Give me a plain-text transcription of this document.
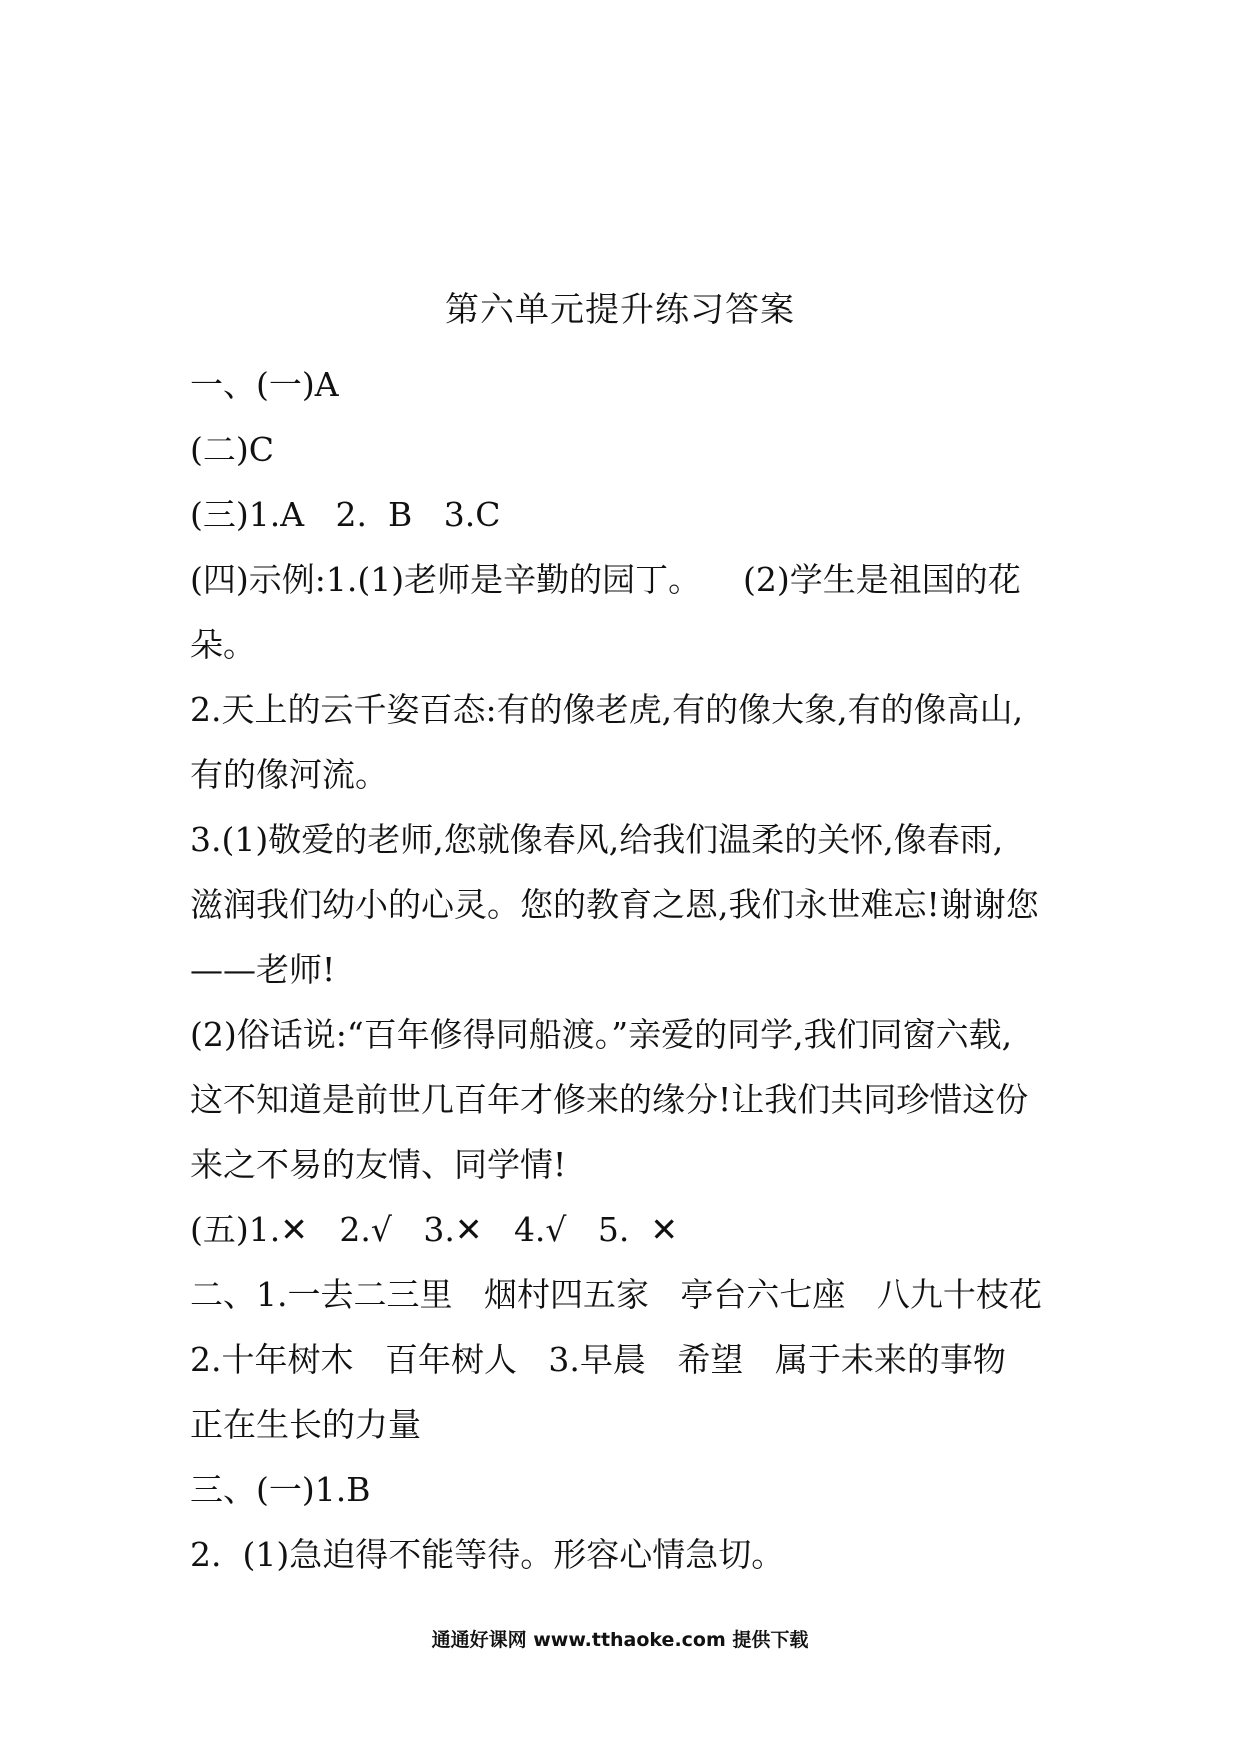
第六单元提升练习答案
一、(一)A
(二)C
(三)1.A   2.  B   3.C
(四)示例:1.(1)老师是辛勤的园丁。    (2)学生是祖国的花
朵。
2.天上的云千姿百态:有的像老虎,有的像大象,有的像高山,
有的像河流。
3.(1)敬爱的老师,您就像春风,给我们温柔的关怀,像春雨,
滋润我们幼小的心灵。您的教育之恩,我们永世难忘!谢谢您
——老师!
(2)俗话说:“百年修得同船渡。”亲爱的同学,我们同窗六载,
这不知道是前世几百年才修来的缘分!让我们共同珍惜这份
来之不易的友情、同学情!
(五)1.✕   2.√   3.✕   4.√   5.  ✕
二、1.一去二三里   烟村四五家   亭台六七座   八九十枝花
2.十年树木   百年树人   3.早晨   希望   属于未来的事物
正在生长的力量
三、(一)1.B
2.  (1)急迫得不能等待。形容心情急切。
通通好课网 www.tthaoke.com 提供下载
